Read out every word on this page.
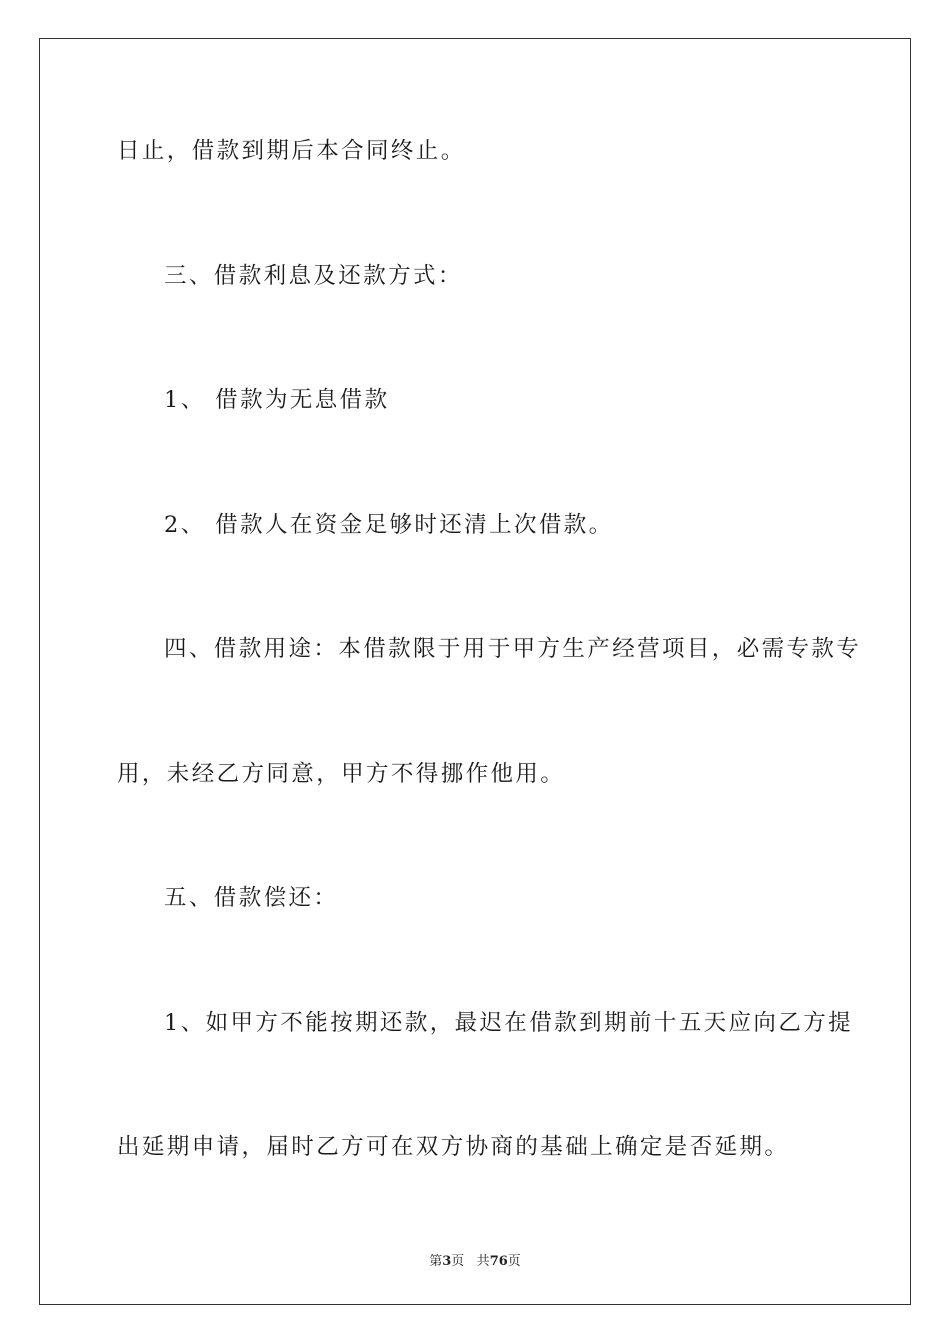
日止，借款到期后本合同终止。
三、借款利息及还款方式：
1、 借款为无息借款
2、 借款人在资金足够时还清上次借款。
四、借款用途：本借款限于用于甲方生产经营项目，必需专款专
用，未经乙方同意，甲方不得挪作他用。
五、借款偿还：
1、如甲方不能按期还款，最迟在借款到期前十五天应向乙方提
出延期申请，届时乙方可在双方协商的基础上确定是否延期。
第3页 共76页
